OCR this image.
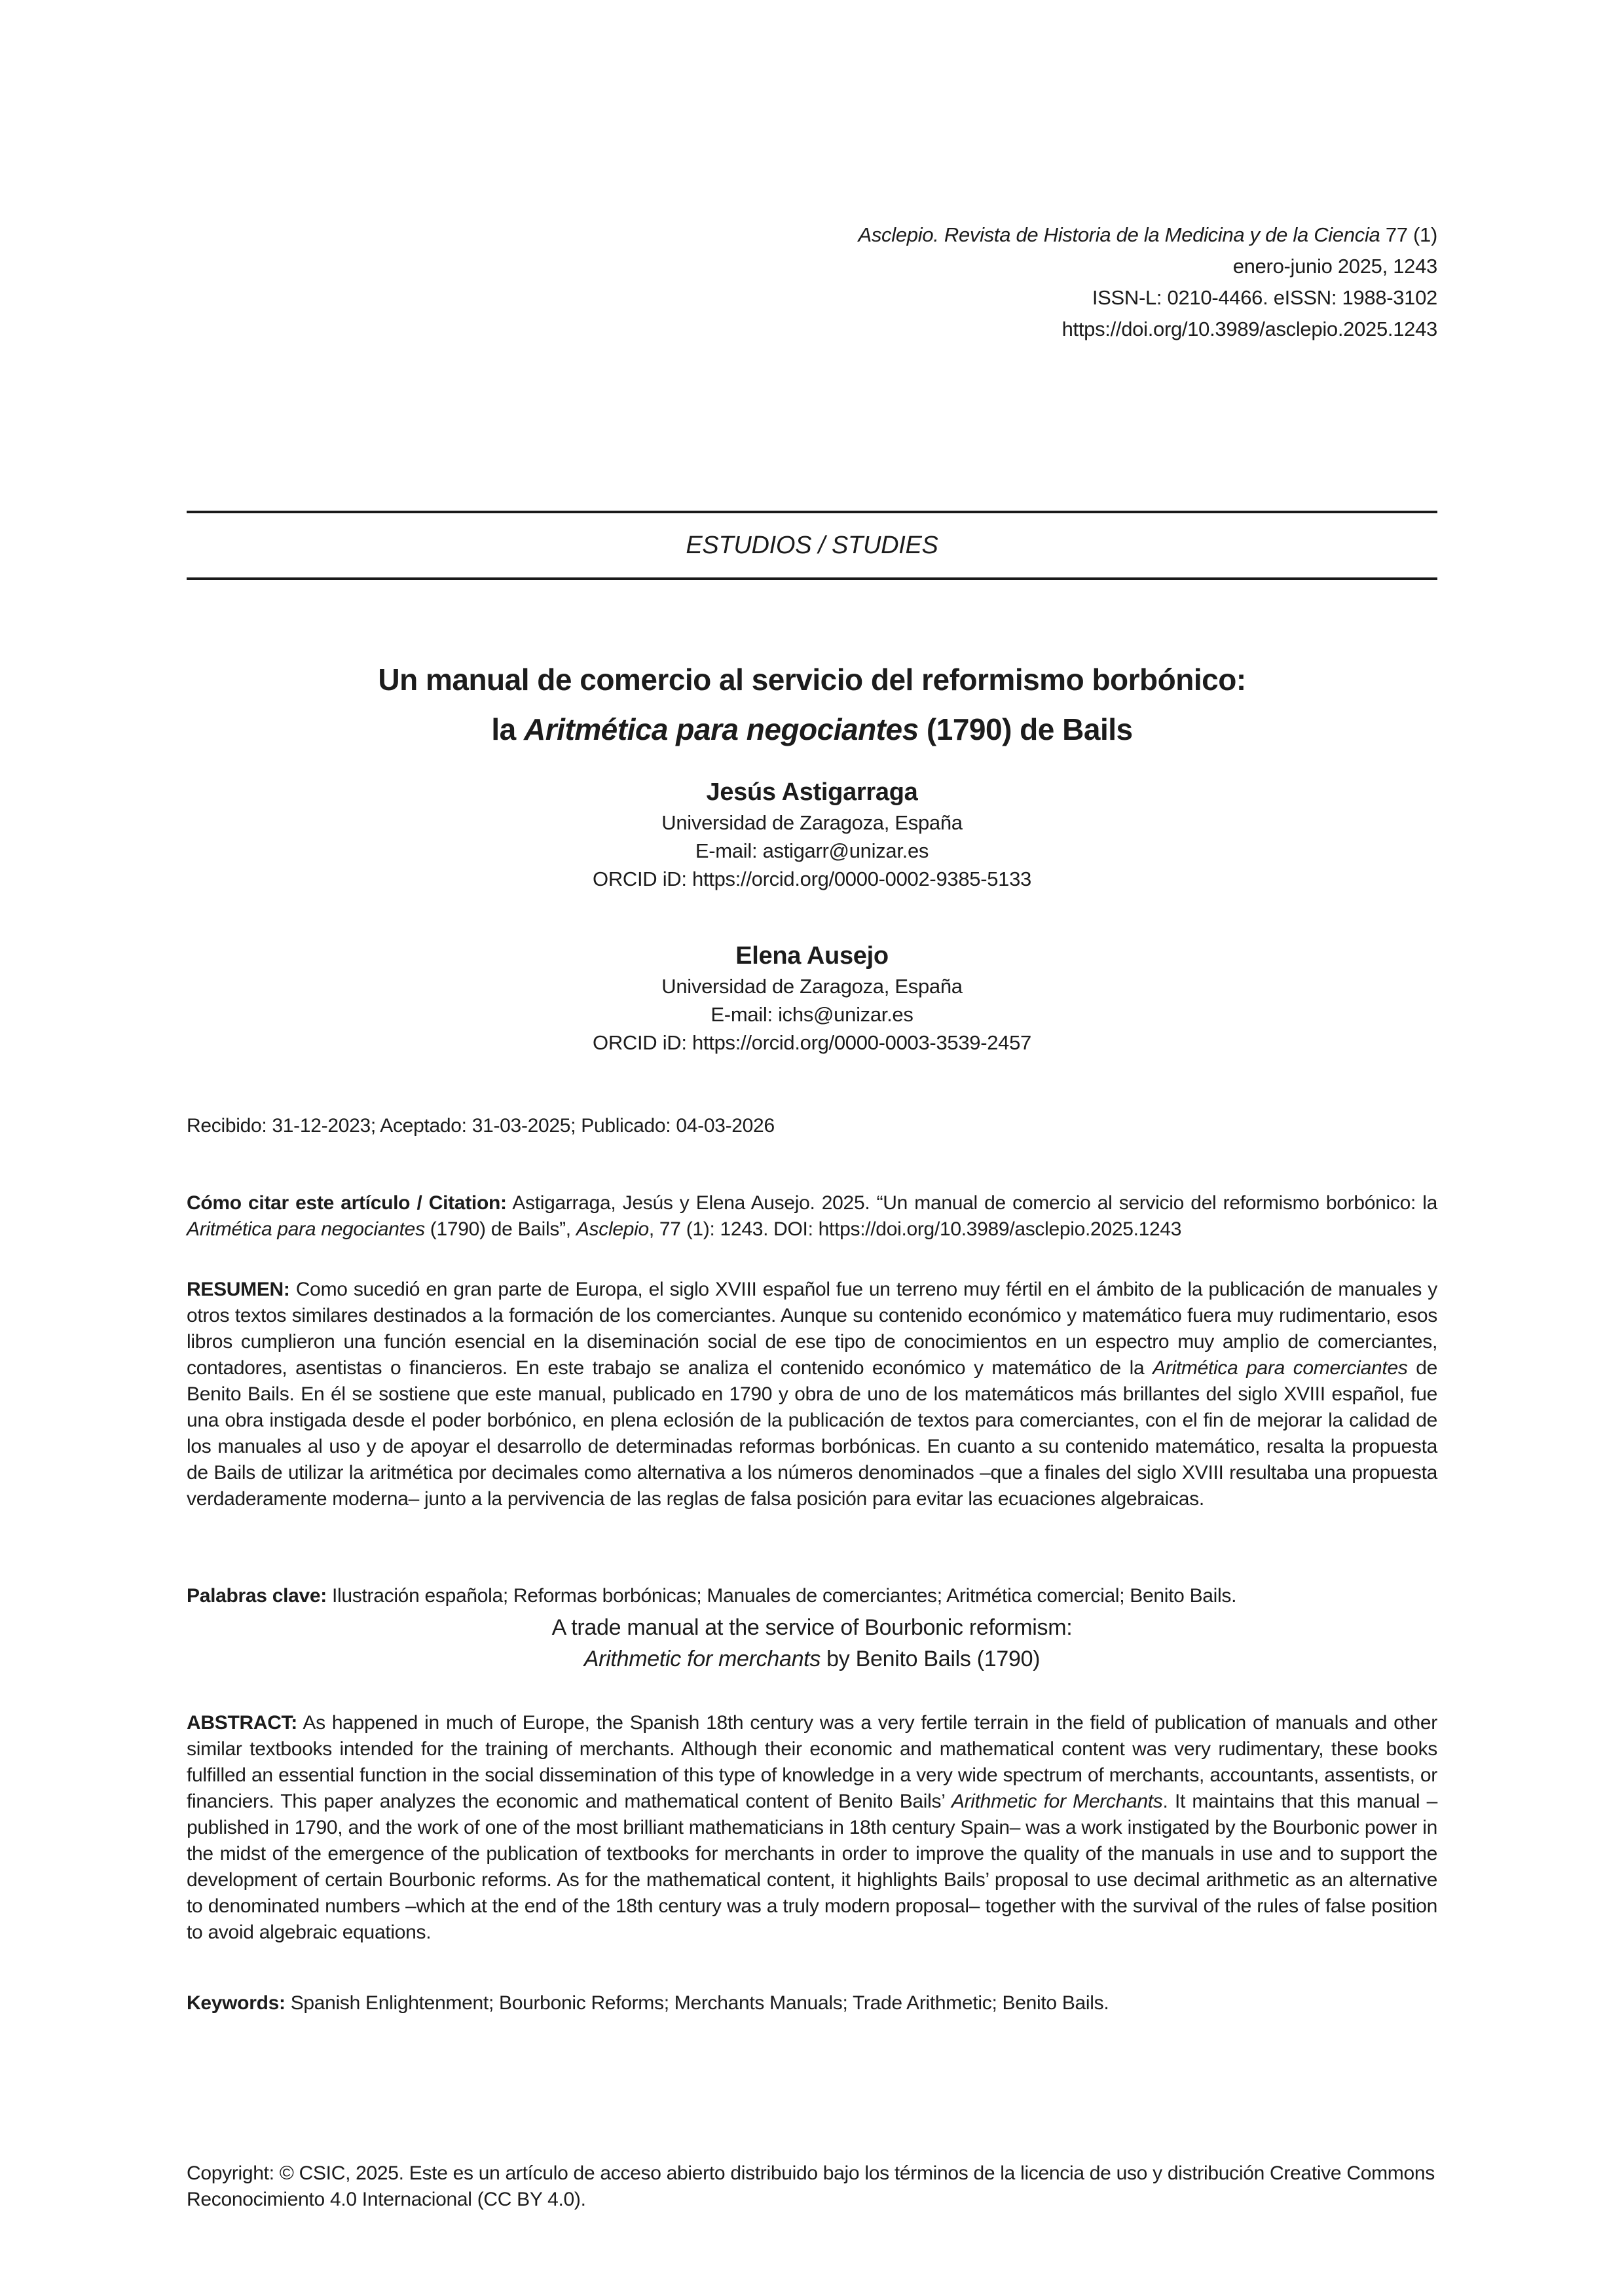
Asclepio. Revista de Historia de la Medicina y de la Ciencia 77 (1)
enero-junio 2025, 1243
ISSN-L: 0210-4466. eISSN: 1988-3102
https://doi.org/10.3989/asclepio.2025.1243
ESTUDIOS / STUDIES
Un manual de comercio al servicio del reformismo borbónico:
la Aritmética para negociantes (1790) de Bails
Jesús Astigarraga
Universidad de Zaragoza, España
E-mail: astigarr@unizar.es
ORCID iD: https://orcid.org/0000-0002-9385-5133
Elena Ausejo
Universidad de Zaragoza, España
E-mail: ichs@unizar.es
ORCID iD: https://orcid.org/0000-0003-3539-2457
Recibido: 31-12-2023; Aceptado: 31-03-2025; Publicado: 04-03-2026

Cómo citar este artículo / Citation: Astigarraga, Jesús y Elena Ausejo. 2025. “Un manual de comercio al servicio del reformismo borbónico: la Aritmética para negociantes (1790) de Bails”, Asclepio, 77 (1): 1243. DOI: https://doi.org/10.3989/asclepio.2025.1243

RESUMEN: Como sucedió en gran parte de Europa, el siglo XVIII español fue un terreno muy fértil en el ámbito de la publicación de manuales y otros textos similares destinados a la formación de los comerciantes. Aunque su contenido económico y matemático fuera muy rudimentario, esos libros cumplieron una función esencial en la diseminación social de ese tipo de conocimientos en un espectro muy amplio de comerciantes, contadores, asentistas o financieros. En este trabajo se analiza el contenido económico y matemático de la Aritmética para comerciantes de Benito Bails. En él se sostiene que este manual, publicado en 1790 y obra de uno de los matemáticos más brillantes del siglo XVIII español, fue una obra instigada desde el poder borbónico, en plena eclosión de la publicación de textos para comerciantes, con el fin de mejorar la calidad de los manuales al uso y de apoyar el desarrollo de determinadas reformas borbónicas. En cuanto a su contenido matemático, resalta la propuesta de Bails de utilizar la aritmética por decimales como alternativa a los números denominados –que a finales del siglo XVIII resultaba una propuesta verdaderamente moderna– junto a la pervivencia de las reglas de falsa posición para evitar las ecuaciones algebraicas.

Palabras clave: Ilustración española; Reformas borbónicas; Manuales de comerciantes; Aritmética comercial; Benito Bails.

A trade manual at the service of Bourbonic reformism:
Arithmetic for merchants by Benito Bails (1790)

ABSTRACT: As happened in much of Europe, the Spanish 18th century was a very fertile terrain in the field of publication of manuals and other similar textbooks intended for the training of merchants. Although their economic and mathematical content was very rudimentary, these books fulfilled an essential function in the social dissemination of this type of knowledge in a very wide spectrum of merchants, accountants, assentists, or financiers. This paper analyzes the economic and mathematical content of Benito Bails’ Arithmetic for Merchants. It maintains that this manual –published in 1790, and the work of one of the most brilliant mathematicians in 18th century Spain– was a work instigated by the Bourbonic power in the midst of the emergence of the publication of textbooks for merchants in order to improve the quality of the manuals in use and to support the development of certain Bourbonic reforms. As for the mathematical content, it highlights Bails’ proposal to use decimal arithmetic as an alternative to denominated numbers –which at the end of the 18th century was a truly modern proposal– together with the survival of the rules of false position to avoid algebraic equations.

Keywords: Spanish Enlightenment; Bourbonic Reforms; Merchants Manuals; Trade Arithmetic; Benito Bails.

Copyright: © CSIC, 2025. Este es un artículo de acceso abierto distribuido bajo los términos de la licencia de uso y distribución Creative Commons Reconocimiento 4.0 Internacional (CC BY 4.0).
